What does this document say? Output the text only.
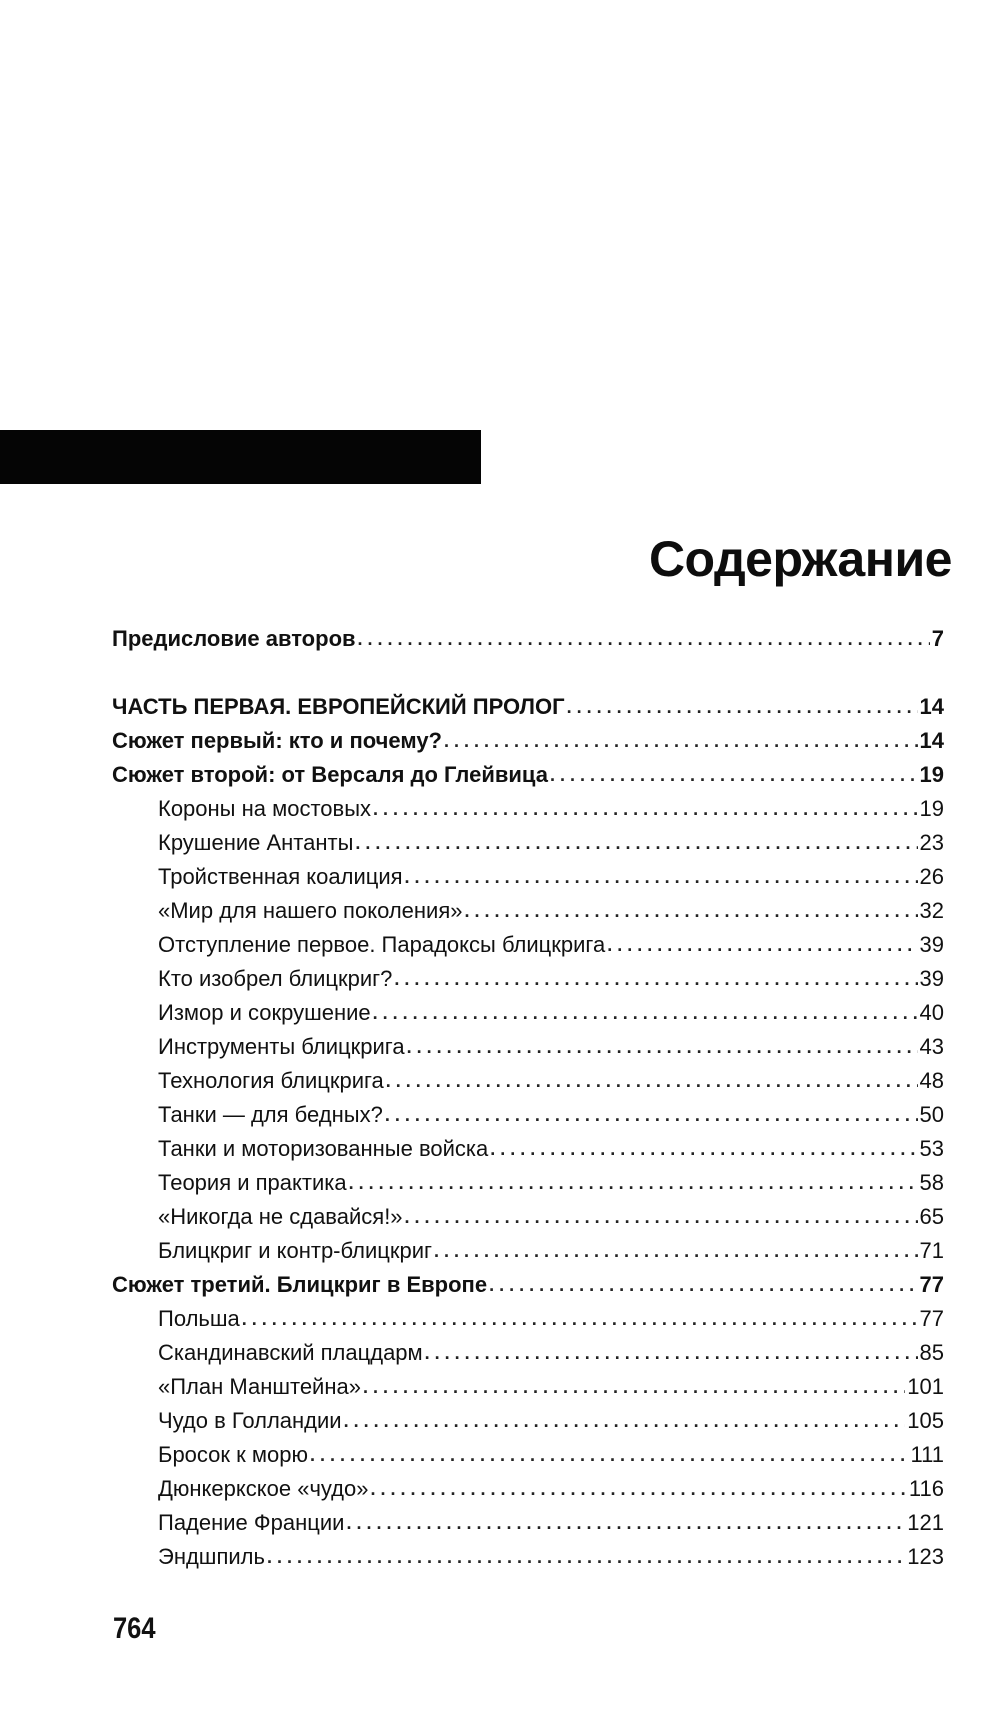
Содержание
Предисловие авторов . . .	7
ЧАСТЬ ПЕРВАЯ. ЕВРОПЕЙСКИЙ ПРОЛОГ . . .	14
Сюжет первый: кто и почему? . . .	14
Сюжет второй: от Версаля до Глейвица . . .	19
Короны на мостовых . . .	19
Крушение Антанты . . .	23
Тройственная коалиция . . .	26
«Мир для нашего поколения» . . .	32
Отступление первое. Парадоксы блицкрига . . .	39
Кто изобрел блицкриг? . . .	39
Измор и сокрушение . . .	40
Инструменты блицкрига . . .	43
Технология блицкрига . . .	48
Танки — для бедных? . . .	50
Танки и моторизованные войска . . .	53
Теория и практика . . .	58
«Никогда не сдавайся!» . . .	65
Блицкриг и контр-блицкриг . . .	71
Сюжет третий. Блицкриг в Европе . . .	77
Польша . . .	77
Скандинавский плацдарм . . .	85
«План Манштейна» . . .	101
Чудо в Голландии . . .	105
Бросок к морю . . .	111
Дюнкеркское «чудо» . . .	116
Падение Франции . . .	121
Эндшпиль . . .	123
764
